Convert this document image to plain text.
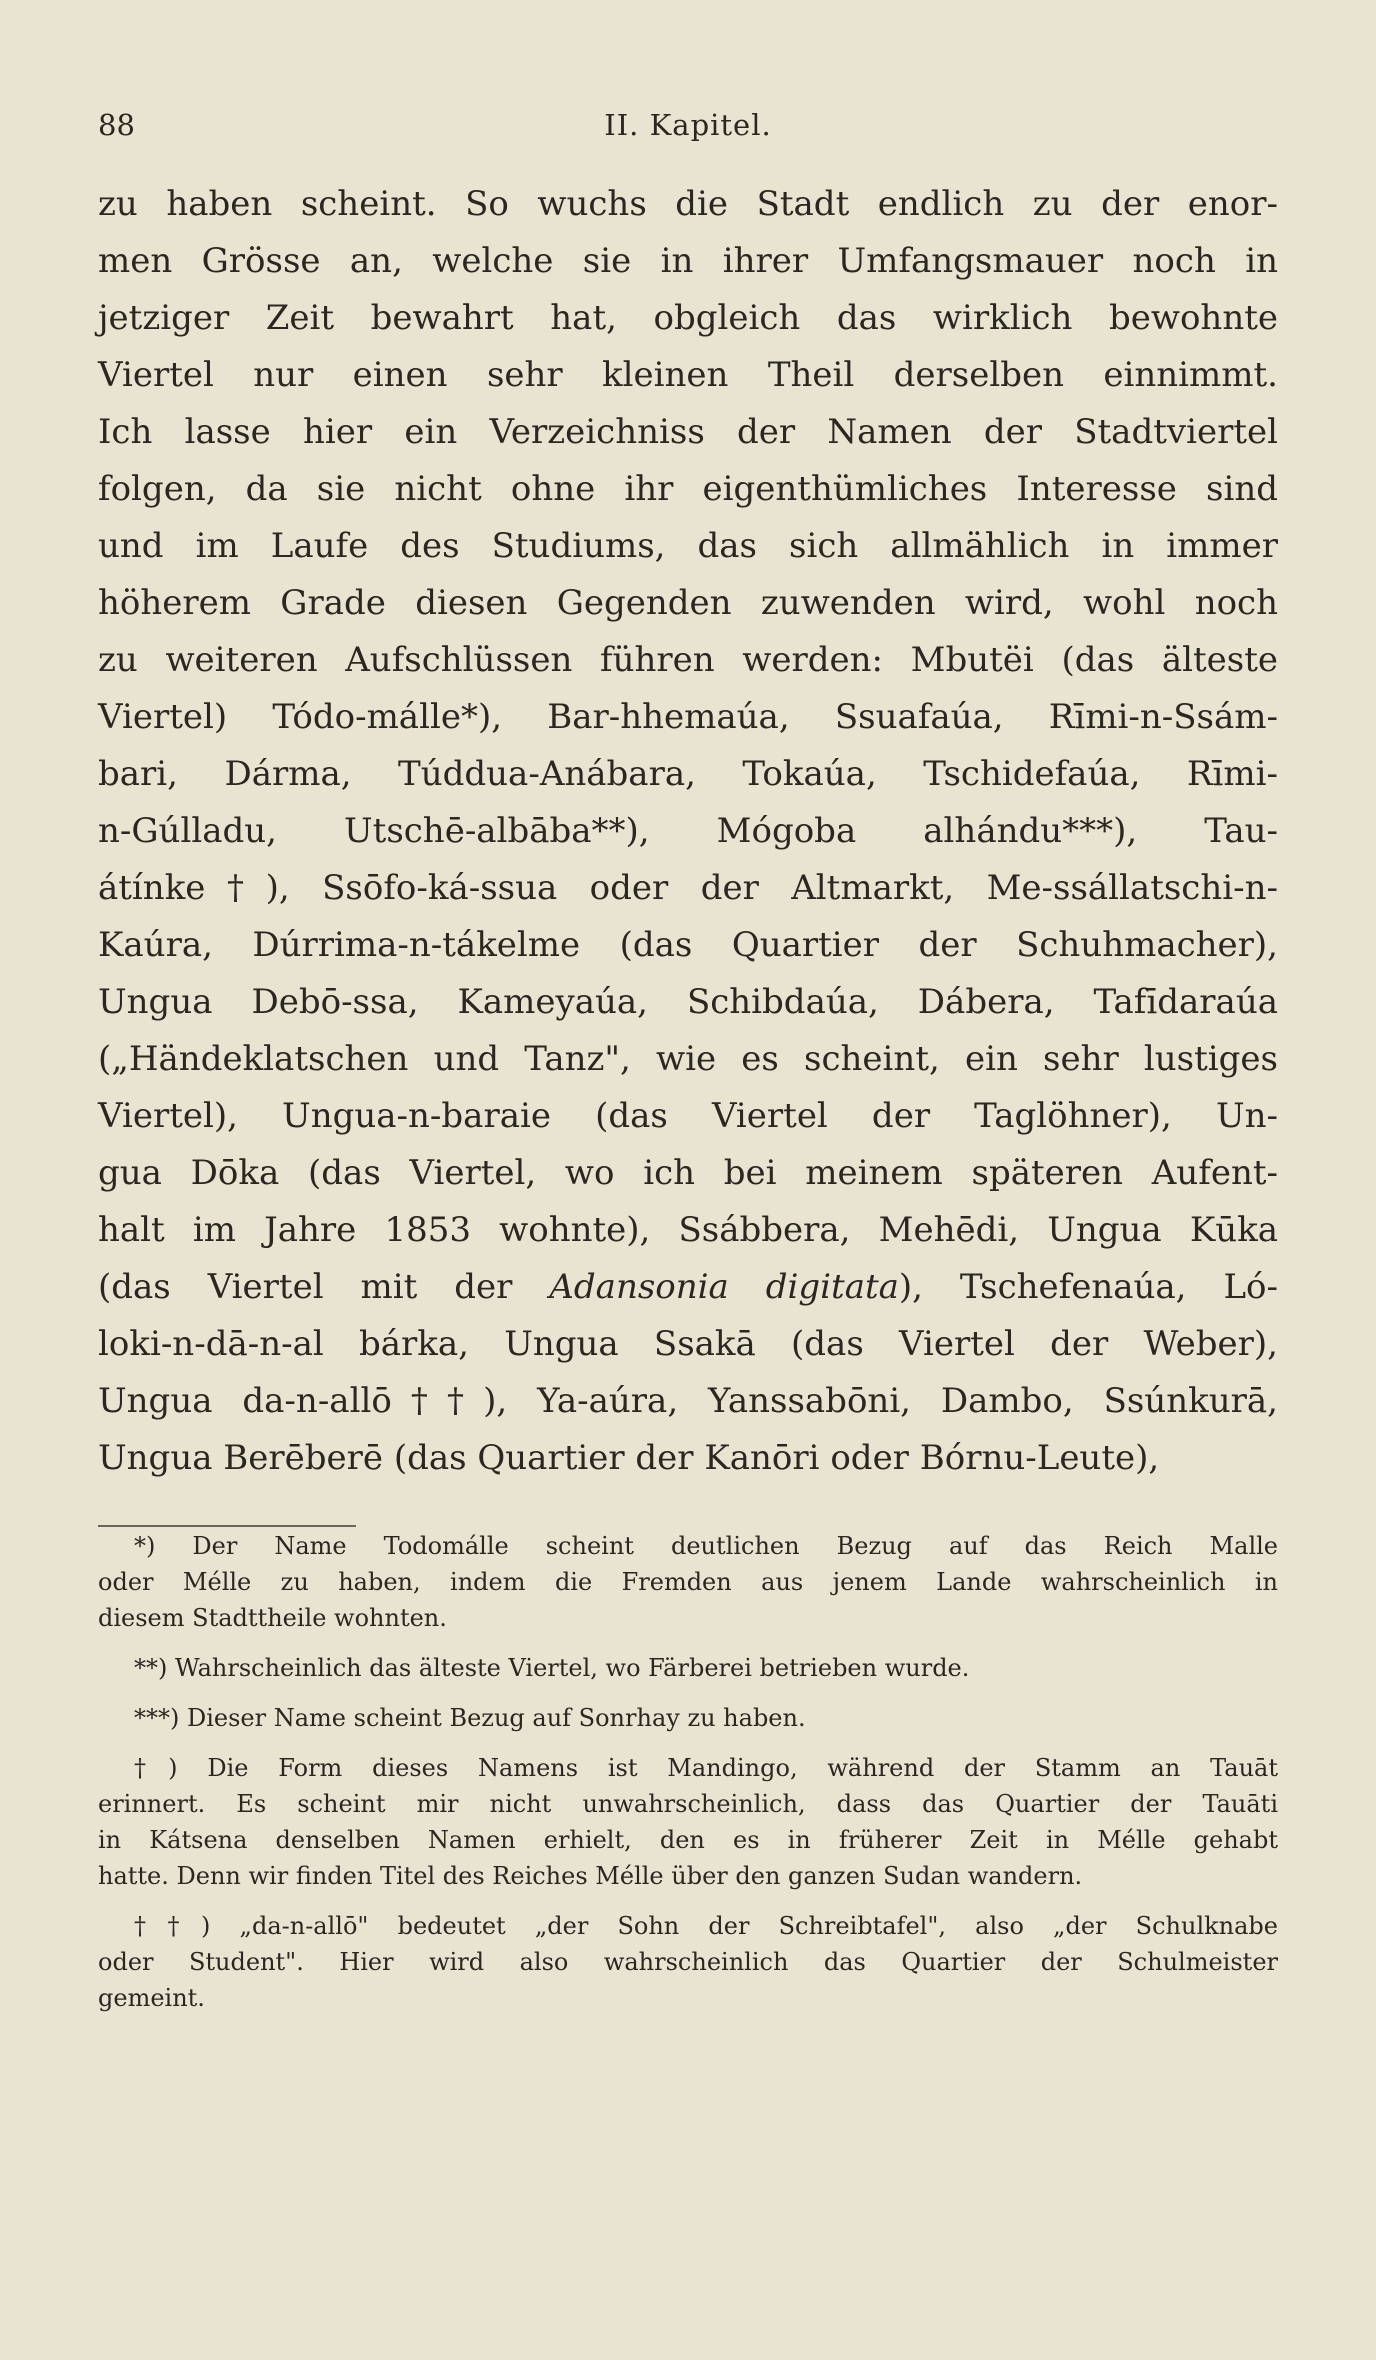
88	II. Kapitel.
zu haben scheint. So wuchs die Stadt endlich zu der enor-
men Grösse an, welche sie in ihrer Umfangsmauer noch in
jetziger Zeit bewahrt hat, obgleich das wirklich bewohnte
Viertel nur einen sehr kleinen Theil derselben einnimmt.
Ich lasse hier ein Verzeichniss der Namen der Stadtviertel
folgen, da sie nicht ohne ihr eigenthümliches Interesse sind
und im Laufe des Studiums, das sich allmählich in immer
höherem Grade diesen Gegenden zuwenden wird, wohl noch
zu weiteren Aufschlüssen führen werden: Mbutëi (das älteste
Viertel) Tódo-málle*), Bar-hhemaúa, Ssuafaúa, Rīmi-n-Ssám-
bari, Dárma, Túddua-Anábara, Tokaúa, Tschidefaúa, Rīmi-
n-Gúlladu, Utschē-albāba**), Mógoba alhándu***), Tau-
átínke†), Ssōfo-ká-ssua oder der Altmarkt, Me-ssállatschi-n-
Kaúra, Dúrrima-n-tákelme (das Quartier der Schuhmacher),
Ungua Debō-ssa, Kameyaúa, Schibdaúa, Dábera, Tafīdaraúa
(„Händeklatschen und Tanz", wie es scheint, ein sehr lustiges
Viertel), Ungua-n-baraie (das Viertel der Taglöhner), Un-
gua Dōka (das Viertel, wo ich bei meinem späteren Aufent-
halt im Jahre 1853 wohnte), Ssábbera, Mehēdi, Ungua Kūka
(das Viertel mit der Adansonia digitata), Tschefenaúa, Ló-
loki-n-dā-n-al bárka, Ungua Ssakā (das Viertel der Weber),
Ungua da-n-allō††), Ya-aúra, Yanssabōni, Dambo, Ssúnkurā,
Ungua Berēberē (das Quartier der Kanōri oder Bórnu-Leute),
*) Der Name Todomálle scheint deutlichen Bezug auf das Reich Malle
oder Mélle zu haben, indem die Fremden aus jenem Lande wahrscheinlich in
diesem Stadttheile wohnten.
**) Wahrscheinlich das älteste Viertel, wo Färberei betrieben wurde.
***) Dieser Name scheint Bezug auf Sonrhay zu haben.
†) Die Form dieses Namens ist Mandingo, während der Stamm an Tauāt
erinnert. Es scheint mir nicht unwahrscheinlich, dass das Quartier der Tauāti
in Kátsena denselben Namen erhielt, den es in früherer Zeit in Mélle gehabt
hatte. Denn wir finden Titel des Reiches Mélle über den ganzen Sudan wandern.
††) „da-n-allō" bedeutet „der Sohn der Schreibtafel", also „der Schulknabe
oder Student". Hier wird also wahrscheinlich das Quartier der Schulmeister
gemeint.
